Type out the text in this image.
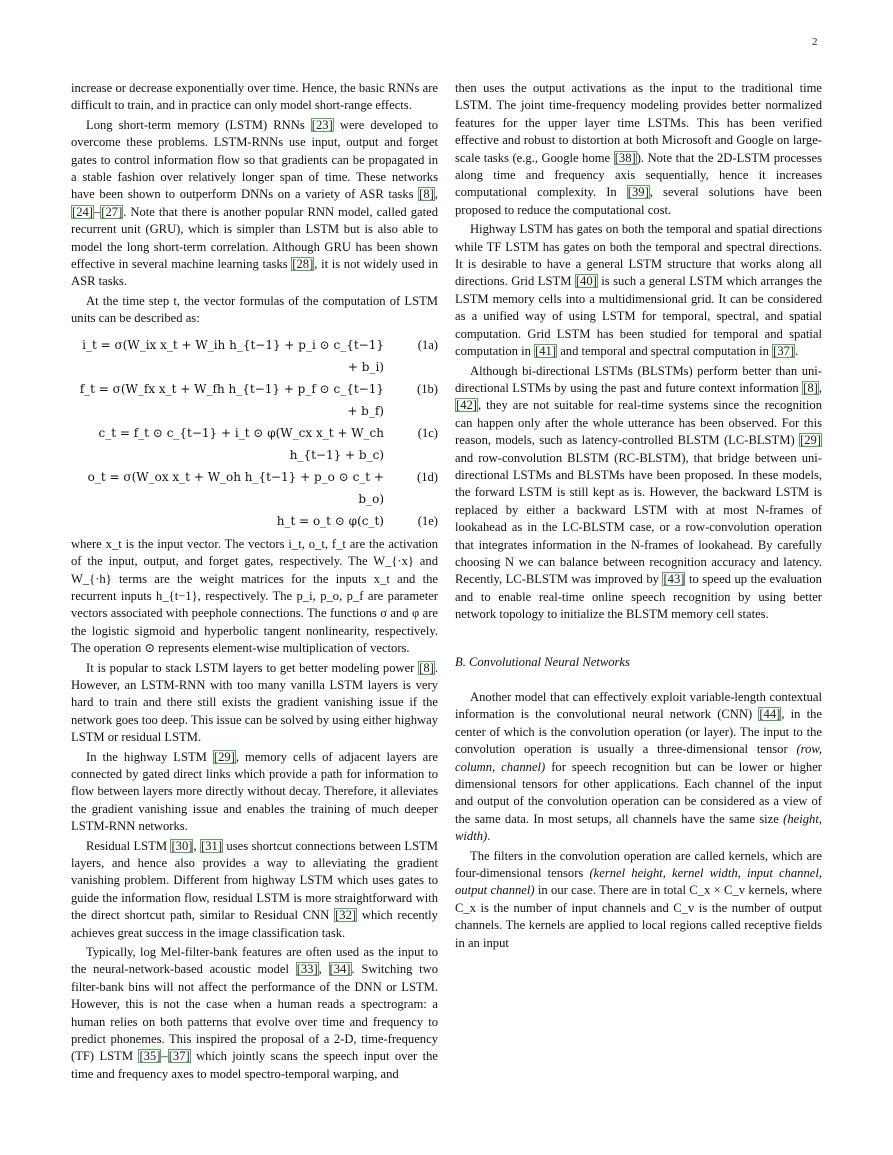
2

increase or decrease exponentially over time. Hence, the basic RNNs are difficult to train, and in practice can only model short-range effects.

Long short-term memory (LSTM) RNNs [23] were developed to overcome these problems. LSTM-RNNs use input, output and forget gates to control information flow so that gradients can be propagated in a stable fashion over relatively longer span of time. These networks have been shown to outperform DNNs on a variety of ASR tasks [8], [24]–[27]. Note that there is another popular RNN model, called gated recurrent unit (GRU), which is simpler than LSTM but is also able to model the long short-term correlation. Although GRU has been shown effective in several machine learning tasks [28], it is not widely used in ASR tasks.

At the time step t, the vector formulas of the computation of LSTM units can be described as:

i_t = σ(W_ix x_t + W_ih h_{t−1} + p_i ⊙ c_{t−1} + b_i)
(1a)
f_t = σ(W_fx x_t + W_fh h_{t−1} + p_f ⊙ c_{t−1} + b_f)
(1b)
c_t = f_t ⊙ c_{t−1} + i_t ⊙ φ(W_cx x_t + W_ch h_{t−1} + b_c)
(1c)
o_t = σ(W_ox x_t + W_oh h_{t−1} + p_o ⊙ c_t + b_o)
(1d)
h_t = o_t ⊙ φ(c_t)	(1e)

where x_t is the input vector. The vectors i_t, o_t, f_t are the activation of the input, output, and forget gates, respectively. The W_{·x} and W_{·h} terms are the weight matrices for the inputs x_t and the recurrent inputs h_{t−1}, respectively. The p_i, p_o, p_f are parameter vectors associated with peephole connections. The functions σ and φ are the logistic sigmoid and hyperbolic tangent nonlinearity, respectively. The operation ⊙ represents element-wise multiplication of vectors.

It is popular to stack LSTM layers to get better modeling power [8]. However, an LSTM-RNN with too many vanilla LSTM layers is very hard to train and there still exists the gradient vanishing issue if the network goes too deep. This issue can be solved by using either highway LSTM or residual LSTM.

In the highway LSTM [29], memory cells of adjacent layers are connected by gated direct links which provide a path for information to flow between layers more directly without decay. Therefore, it alleviates the gradient vanishing issue and enables the training of much deeper LSTM-RNN networks.

Residual LSTM [30], [31] uses shortcut connections between LSTM layers, and hence also provides a way to alleviating the gradient vanishing problem. Different from highway LSTM which uses gates to guide the information flow, residual LSTM is more straightforward with the direct shortcut path, similar to Residual CNN [32] which recently achieves great success in the image classification task.

Typically, log Mel-filter-bank features are often used as the input to the neural-network-based acoustic model [33], [34]. Switching two filter-bank bins will not affect the performance of the DNN or LSTM. However, this is not the case when a human reads a spectrogram: a human relies on both patterns that evolve over time and frequency to predict phonemes. This inspired the proposal of a 2-D, time-frequency (TF) LSTM [35]–[37] which jointly scans the speech input over the time and frequency axes to model spectro-temporal warping, and

then uses the output activations as the input to the traditional time LSTM. The joint time-frequency modeling provides better normalized features for the upper layer time LSTMs. This has been verified effective and robust to distortion at both Microsoft and Google on large-scale tasks (e.g., Google home [38]). Note that the 2D-LSTM processes along time and frequency axis sequentially, hence it increases computational complexity. In [39], several solutions have been proposed to reduce the computational cost.

Highway LSTM has gates on both the temporal and spatial directions while TF LSTM has gates on both the temporal and spectral directions. It is desirable to have a general LSTM structure that works along all directions. Grid LSTM [40] is such a general LSTM which arranges the LSTM memory cells into a multidimensional grid. It can be considered as a unified way of using LSTM for temporal, spectral, and spatial computation. Grid LSTM has been studied for temporal and spatial computation in [41] and temporal and spectral computation in [37].

Although bi-directional LSTMs (BLSTMs) perform better than uni-directional LSTMs by using the past and future context information [8], [42], they are not suitable for real-time systems since the recognition can happen only after the whole utterance has been observed. For this reason, models, such as latency-controlled BLSTM (LC-BLSTM) [29] and row-convolution BLSTM (RC-BLSTM), that bridge between uni-directional LSTMs and BLSTMs have been proposed. In these models, the forward LSTM is still kept as is. However, the backward LSTM is replaced by either a backward LSTM with at most N-frames of lookahead as in the LC-BLSTM case, or a row-convolution operation that integrates information in the N-frames of lookahead. By carefully choosing N we can balance between recognition accuracy and latency. Recently, LC-BLSTM was improved by [43] to speed up the evaluation and to enable real-time online speech recognition by using better network topology to initialize the BLSTM memory cell states.

B. Convolutional Neural Networks

Another model that can effectively exploit variable-length contextual information is the convolutional neural network (CNN) [44], in the center of which is the convolution operation (or layer). The input to the convolution operation is usually a three-dimensional tensor (row, column, channel) for speech recognition but can be lower or higher dimensional tensors for other applications. Each channel of the input and output of the convolution operation can be considered as a view of the same data. In most setups, all channels have the same size (height, width).

The filters in the convolution operation are called kernels, which are four-dimensional tensors (kernel height, kernel width, input channel, output channel) in our case. There are in total C_x × C_v kernels, where C_x is the number of input channels and C_v is the number of output channels. The kernels are applied to local regions called receptive fields in an input
